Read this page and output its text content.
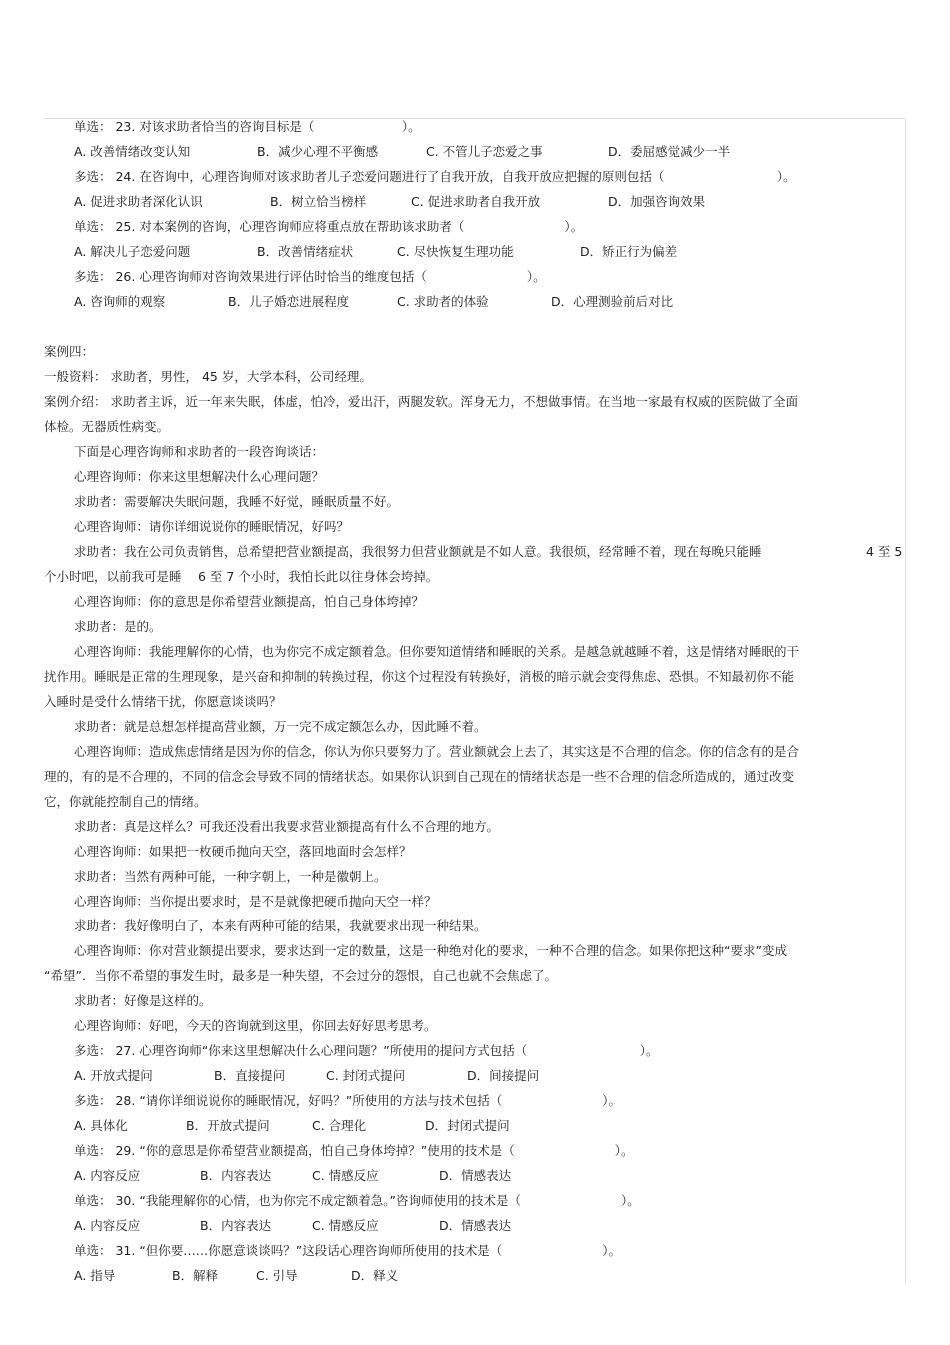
单选： 23. 对该求助者恰当的咨询目标是（　　　　　　　）。
A. 改善情绪改变认知	B．减少心理不平衡感	C. 不管儿子恋爱之事	D．委屈感觉减少一半
多选： 24. 在咨询中，心理咨询师对该求助者儿子恋爱问题进行了自我开放，自我开放应把握的原则包括（　　　　　　　　　）。
A. 促进求助者深化认识	B．树立恰当榜样	C. 促进求助者自我开放	D．加强咨询效果
单选： 25. 对本案例的咨询，心理咨询师应将重点放在帮助该求助者（　　　　　　　　）。
A. 解决儿子恋爱问题	B．改善情绪症状	C. 尽快恢复生理功能	D．矫正行为偏差
多选： 26. 心理咨询师对咨询效果进行评估时恰当的维度包括（　　　　　　　　）。
A. 咨询师的观察	B．儿子婚恋进展程度	C. 求助者的体验	D．心理测验前后对比
案例四：
一般资料： 求助者，男性， 45 岁，大学本科，公司经理。
案例介绍： 求助者主诉，近一年来失眠，体虚，怕冷，爱出汗，两腿发软。浑身无力，不想做事情。在当地一家最有权威的医院做了全面
体检。无器质性病变。
下面是心理咨询师和求助者的一段咨询谈话：
心理咨询师：你来这里想解决什么心理问题？
求助者：需要解决失眠问题，我睡不好觉，睡眠质量不好。
心理咨询师：请你详细说说你的睡眠情况，好吗？
求助者：我在公司负责销售，总希望把营业额提高，我很努力但营业额就是不如人意。我很烦，经常睡不着，现在每晚只能睡	4 至 5
个小时吧，以前我可是睡　 6 至 7 个小时，我怕长此以往身体会垮掉。
心理咨询师：你的意思是你希望营业额提高，怕自己身体垮掉？
求助者：是的。
心理咨询师：我能理解你的心情，也为你完不成定额着急。但你要知道情绪和睡眠的关系。是越急就越睡不着，这是情绪对睡眠的干
扰作用。睡眠是正常的生理现象，是兴奋和抑制的转换过程，你这个过程没有转换好，消极的暗示就会变得焦虑、恐惧。不知最初你不能
入睡时是受什么情绪干扰，你愿意谈谈吗？
求助者：就是总想怎样提高营业额，万一完不成定额怎么办，因此睡不着。
心理咨询师：造成焦虑情绪是因为你的信念，你认为你只要努力了。营业额就会上去了，其实这是不合理的信念。你的信念有的是合
理的，有的是不合理的，不同的信念会导致不同的情绪状态。如果你认识到自己现在的情绪状态是一些不合理的信念所造成的，通过改变
它，你就能控制自己的情绪。
求助者：真是这样么？可我还没看出我要求营业额提高有什么不合理的地方。
心理咨询师：如果把一枚硬币抛向天空，落回地面时会怎样？
求助者：当然有两种可能，一种字朝上，一种是徽朝上。
心理咨询师：当你提出要求时，是不是就像把硬币抛向天空一样？
求助者：我好像明白了，本来有两种可能的结果，我就要求出现一种结果。
心理咨询师：你对营业额提出要求，要求达到一定的数量，这是一种绝对化的要求，一种不合理的信念。如果你把这种“要求”变成
“希望”．当你不希望的事发生时，最多是一种失望，不会过分的怨恨，自己也就不会焦虑了。
求助者：好像是这样的。
心理咨询师：好吧，今天的咨询就到这里，你回去好好思考思考。
多选： 27. 心理咨询师“你来这里想解决什么心理问题？”所使用的提问方式包括（　　　　　　　　　）。
A. 开放式提问	B．直接提问	C. 封闭式提问	D．间接提问
多选： 28. “请你详细说说你的睡眠情况，好吗？”所使用的方法与技术包括（　　　　　　　　）。
A. 具体化	B．开放式提问	C. 合理化	D．封闭式提问
单选： 29. “你的意思是你希望营业额提高，怕自己身体垮掉？”使用的技术是（　　　　　　　　）。
A. 内容反应	B．内容表达	C. 情感反应	D．情感表达
单选： 30. “我能理解你的心情，也为你完不成定额着急。”咨询师使用的技术是（　　　　　　　　）。
A. 内容反应	B．内容表达	C. 情感反应	D．情感表达
单选： 31. “但你要……你愿意谈谈吗？”这段话心理咨询师所使用的技术是（　　　　　　　　）。
A. 指导	B．解释	C. 引导	D．释义
